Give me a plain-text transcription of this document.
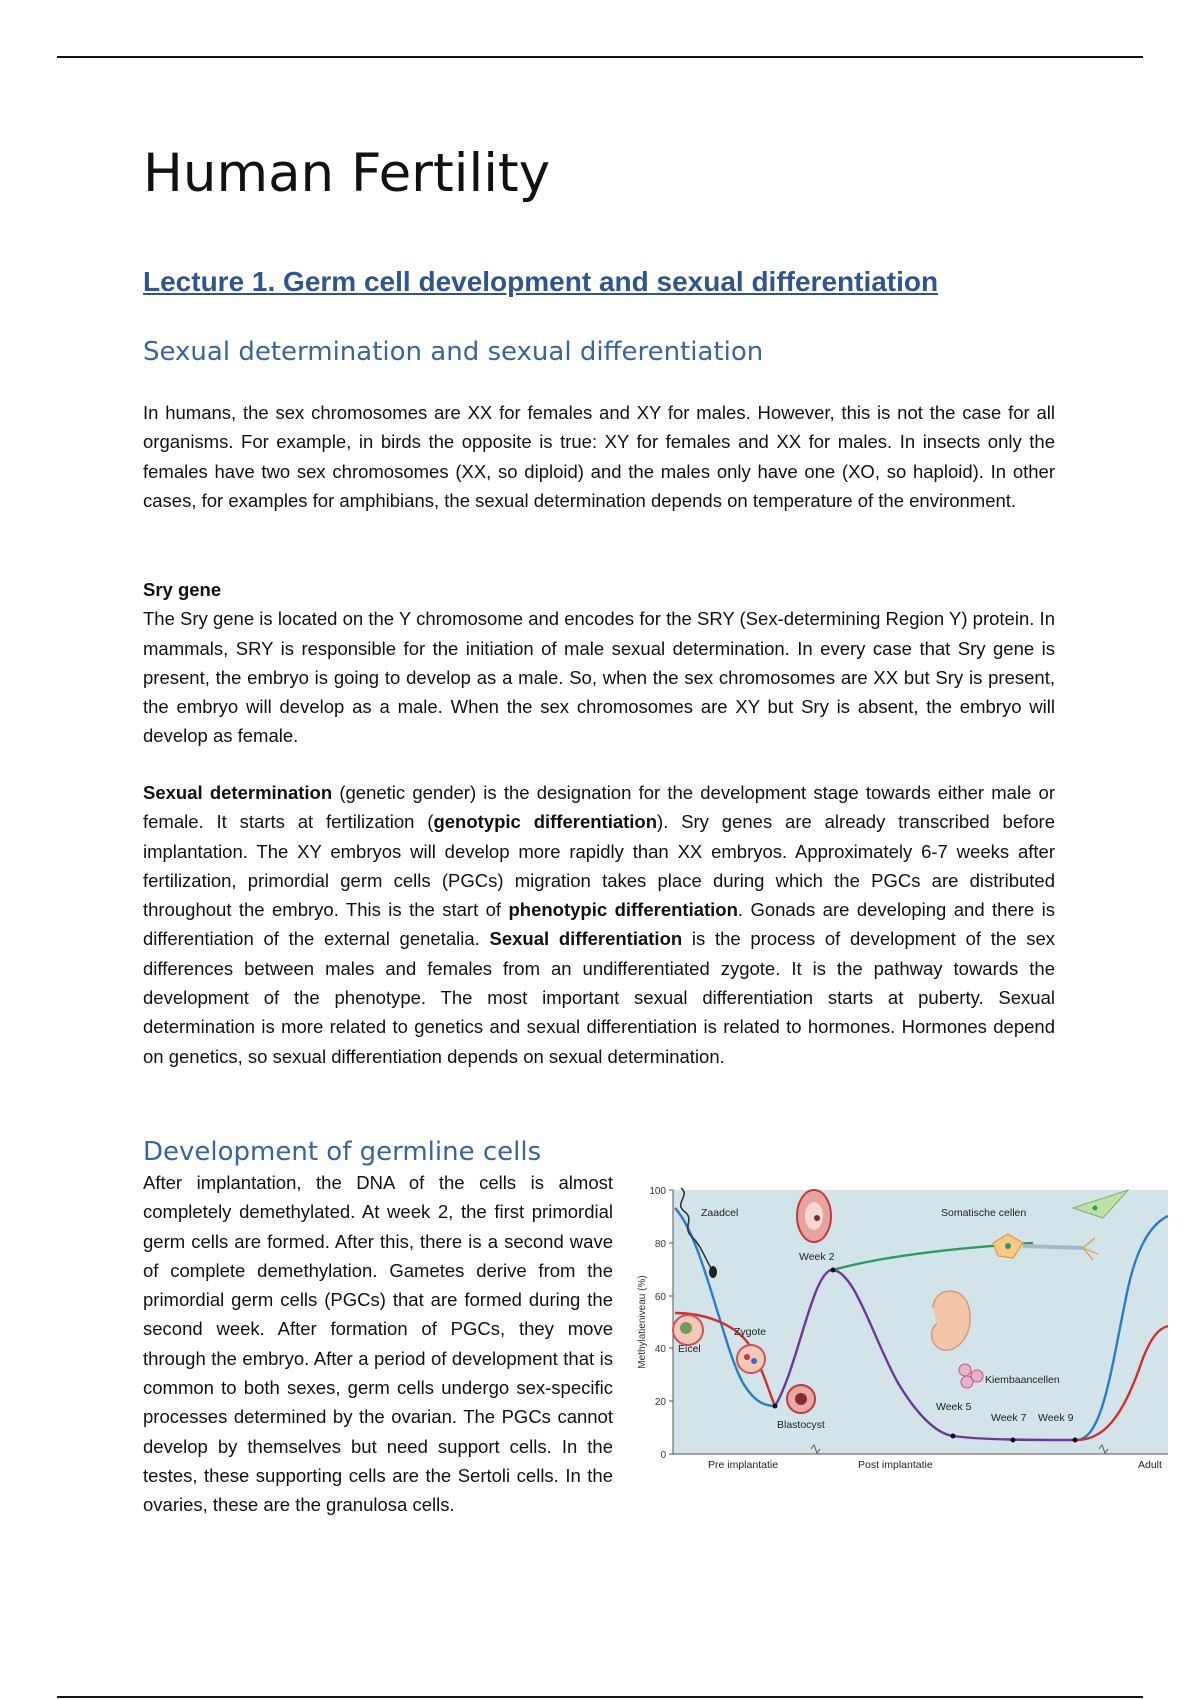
Human Fertility
Lecture 1. Germ cell development and sexual differentiation
Sexual determination and sexual differentiation

In humans, the sex chromosomes are XX for females and XY for males. However, this is not the case for all organisms. For example, in birds the opposite is true: XY for females and XX for males. In insects only the females have two sex chromosomes (XX, so diploid) and the males only have one (XO, so haploid). In other cases, for examples for amphibians, the sexual determination depends on temperature of the environment.

Sry gene

The Sry gene is located on the Y chromosome and encodes for the SRY (Sex-determining Region Y) protein. In mammals, SRY is responsible for the initiation of male sexual determination. In every case that Sry gene is present, the embryo is going to develop as a male. So, when the sex chromosomes are XX but Sry is present, the embryo will develop as a male. When the sex chromosomes are XY but Sry is absent, the embryo will develop as female.

Sexual determination (genetic gender) is the designation for the development stage towards either male or female. It starts at fertilization (genotypic differentiation). Sry genes are already transcribed before implantation. The XY embryos will develop more rapidly than XX embryos. Approximately 6-7 weeks after fertilization, primordial germ cells (PGCs) migration takes place during which the PGCs are distributed throughout the embryo. This is the start of phenotypic differentiation. Gonads are developing and there is differentiation of the external genetalia. Sexual differentiation is the process of development of the sex differences between males and females from an undifferentiated zygote. It is the pathway towards the development of the phenotype. The most important sexual differentiation starts at puberty. Sexual determination is more related to genetics and sexual differentiation is related to hormones. Hormones depend on genetics, so sexual differentiation depends on sexual determination.

Development of germline cells
100
80
60
40
20
0
Methylatieniveau (%)
Zaadcel
Eicel
Zygote
Week 2
Blastocyst
Somatische cellen
Kiembaancellen
Week 5
Week 7 Week 9
Pre implantatie	Post implantatie	Adult
After implantation, the DNA of the cells is almost completely demethylated. At week 2, the first primordial germ cells are formed. After this, there is a second wave of complete demethylation. Gametes derive from the primordial germ cells (PGCs) that are formed during the second week. After formation of PGCs, they move through the embryo. After a period of development that is common to both sexes, germ cells undergo sex-specific processes determined by the ovarian. The PGCs cannot develop by themselves but need support cells. In the testes, these supporting cells are the Sertoli cells. In the ovaries, these are the granulosa cells.
